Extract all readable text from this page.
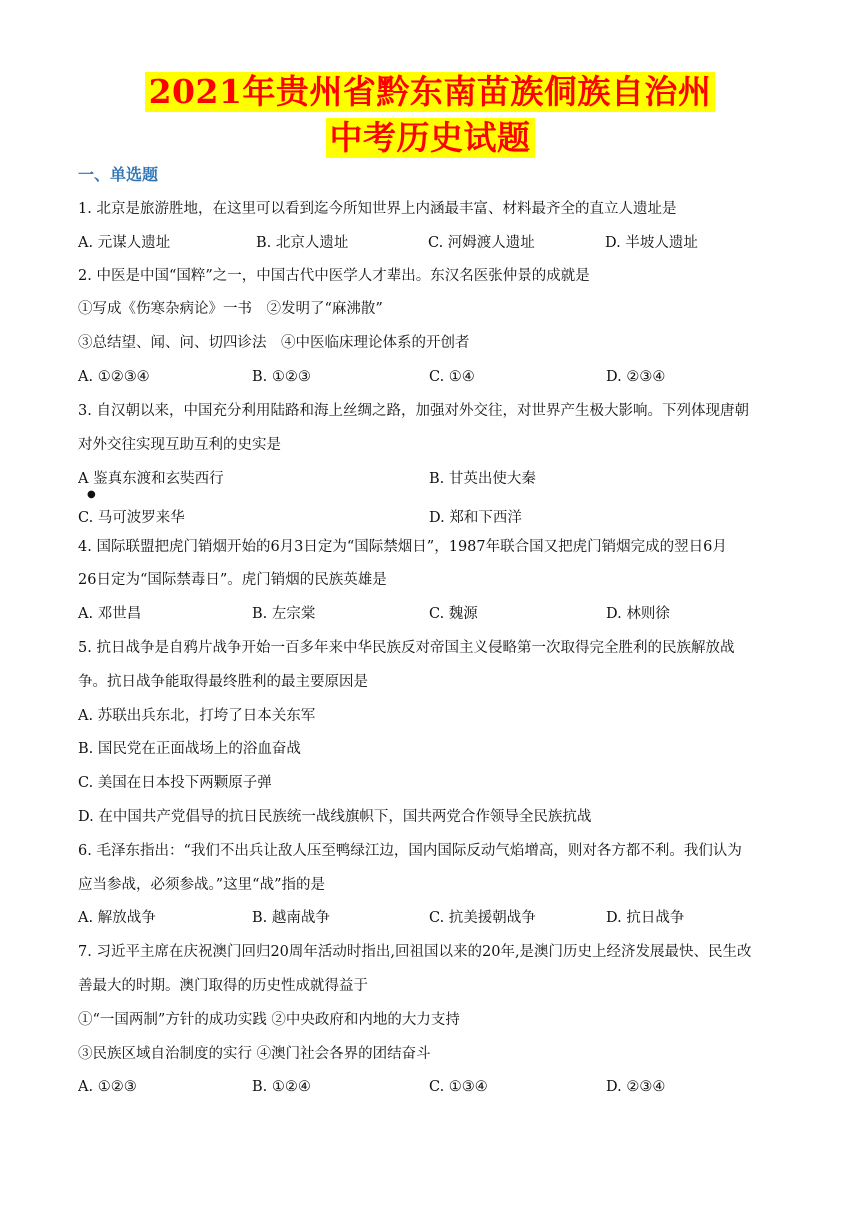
2021年贵州省黔东南苗族侗族自治州
中考历史试题
一、单选题
1. 北京是旅游胜地，在这里可以看到迄今所知世界上内涵最丰富、材料最齐全的直立人遗址是
A. 元谋人遗址	B. 北京人遗址	C. 河姆渡人遗址	D. 半坡人遗址
2. 中医是中国“国粹”之一，中国古代中医学人才辈出。东汉名医张仲景的成就是
①写成《伤寒杂病论》一书　②发明了“麻沸散”
③总结望、闻、问、切四诊法　④中医临床理论体系的开创者
A. ①②③④	B. ①②③	C. ①④	D. ②③④
3. 自汉朝以来，中国充分利用陆路和海上丝绸之路，加强对外交往，对世界产生极大影响。下列体现唐朝
对外交往实现互助互利的史实是
A 鉴真东渡和玄奘西行	B. 甘英出使大秦
●
C. 马可波罗来华	D. 郑和下西洋
4. 国际联盟把虎门销烟开始的6月3日定为“国际禁烟日”，1987年联合国又把虎门销烟完成的翌日6月
26日定为“国际禁毒日”。虎门销烟的民族英雄是
A. 邓世昌	B. 左宗棠	C. 魏源	D. 林则徐
5. 抗日战争是自鸦片战争开始一百多年来中华民族反对帝国主义侵略第一次取得完全胜利的民族解放战
争。抗日战争能取得最终胜利的最主要原因是
A. 苏联出兵东北，打垮了日本关东军
B. 国民党在正面战场上的浴血奋战
C. 美国在日本投下两颗原子弹
D. 在中国共产党倡导的抗日民族统一战线旗帜下，国共两党合作领导全民族抗战
6. 毛泽东指出：“我们不出兵让敌人压至鸭绿江边，国内国际反动气焰增高，则对各方都不利。我们认为
应当参战，必须参战。”这里“战”指的是
A. 解放战争	B. 越南战争	C. 抗美援朝战争	D. 抗日战争
7. 习近平主席在庆祝澳门回归20周年活动时指出,回祖国以来的20年,是澳门历史上经济发展最快、民生改
善最大的时期。澳门取得的历史性成就得益于
①“一国两制”方针的成功实践 ②中央政府和内地的大力支持
③民族区域自治制度的实行 ④澳门社会各界的团结奋斗
A. ①②③	B. ①②④	C. ①③④	D. ②③④
